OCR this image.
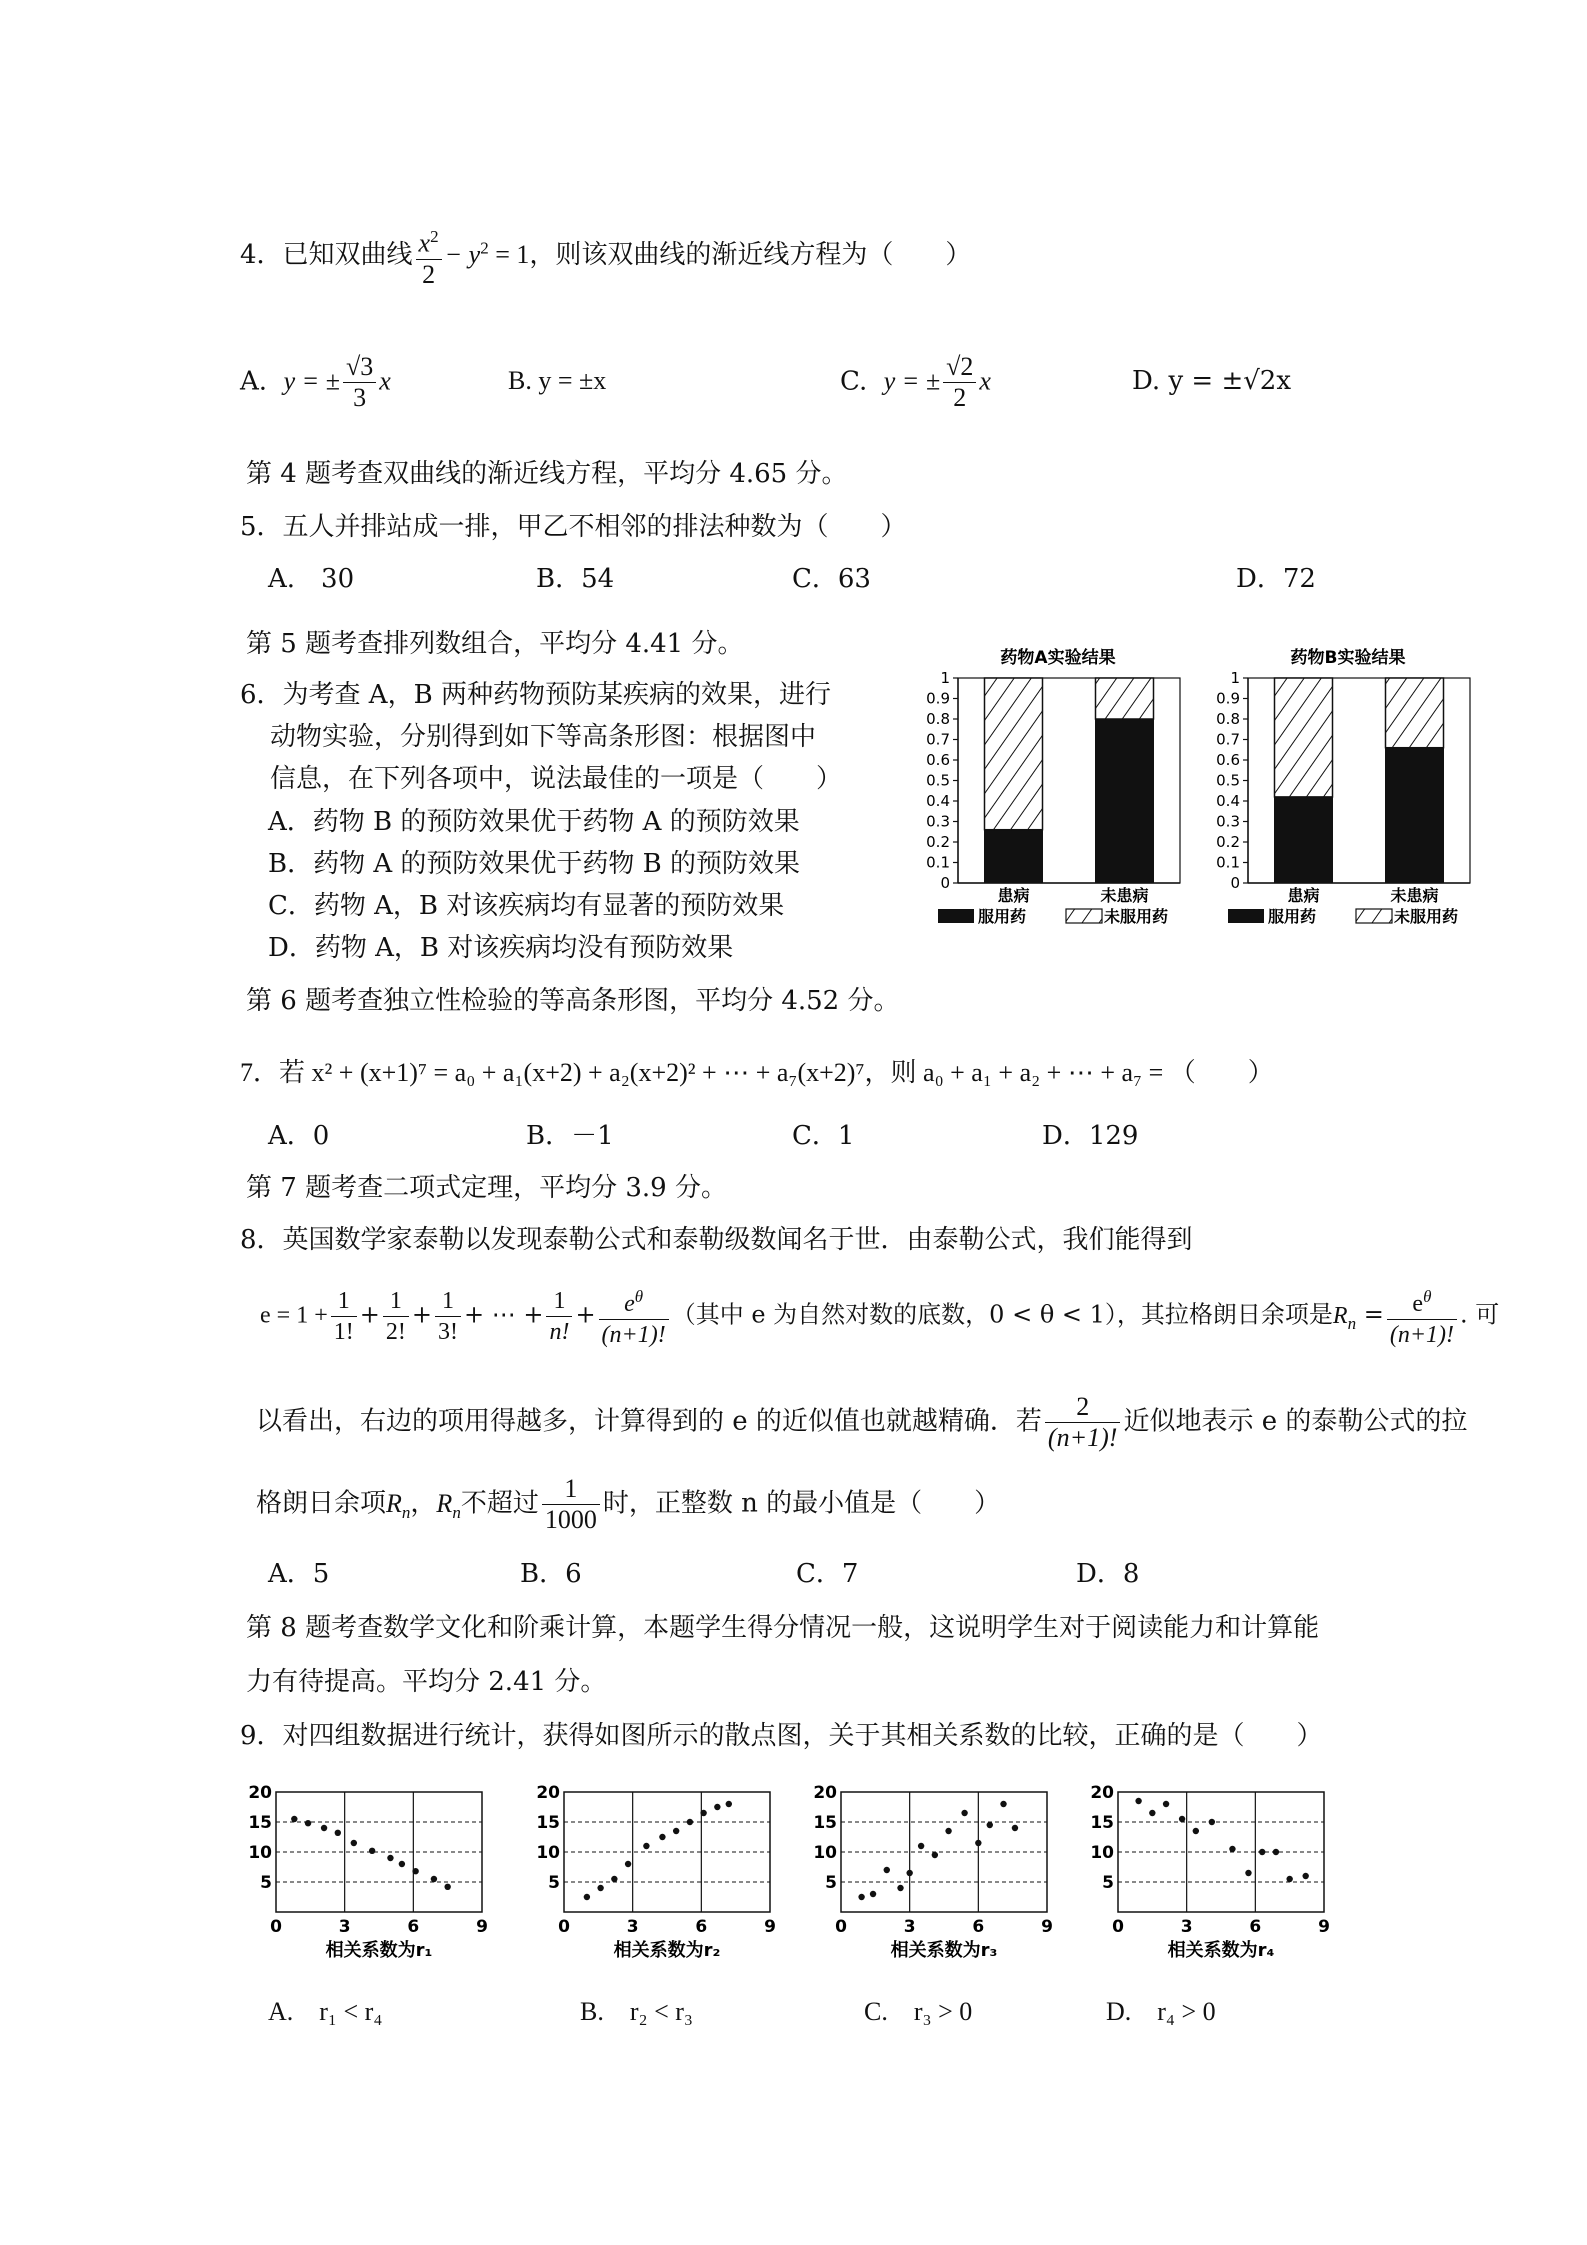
4．已知双曲线 $\frac{x^2}{2} - y^2 = 1$，则该双曲线的渐近线方程为（　　）
A. y = ± $\frac{√3}{3}$ x	B. y = ±x	C. y = ± $\frac{√2}{2}$ x	D. y = ±√2x
第 4 题考查双曲线的渐近线方程，平均分 4.65 分。
5．五人并排站成一排，甲乙不相邻的排法种数为（　　）
A.　30	B．54	C．63	D．72
第 5 题考查排列数组合，平均分 4.41 分。
6．为考查 A，B 两种药物预防某疾病的效果，进行
动物实验，分别得到如下等高条形图：根据图中
信息，在下列各项中，说法最佳的一项是（　　）
A．药物 B 的预防效果优于药物 A 的预防效果
B．药物 A 的预防效果优于药物 B 的预防效果
C．药物 A，B 对该疾病均有显著的预防效果
D．药物 A，B 对该疾病均没有预防效果
药物A实验结果
0
0.1
0.2
0.3
0.4
0.5
0.6
0.7
0.8
0.9
1
患病	未患病
服用药	未服用药
药物B实验结果
0
0.1
0.2
0.3
0.4
0.5
0.6
0.7
0.8
0.9
1
患病	未患病
服用药	未服用药
第 6 题考查独立性检验的等高条形图，平均分 4.52 分。
7．若 x² + (x+1)⁷ = a₀ + a₁(x+2) + a₂(x+2)² + ⋯ + a₇(x+2)⁷，则 a₀ + a₁ + a₂ + ⋯ + a₇ = （　　）
A．0	B．－1	C．1	D．129
第 7 题考查二项式定理，平均分 3.9 分。
8．英国数学家泰勒以发现泰勒公式和泰勒级数闻名于世．由泰勒公式，我们能得到
$e = 1 + \frac{1}{1!} + \frac{1}{2!} + \frac{1}{3!}$ + ⋯ + $\frac{1}{n!} + \frac{e^\theta}{(n+1)!}$ （其中 e 为自然对数的底数，0 < θ < 1），其拉格朗日余项是$R_n = \frac{e^\theta}{(n+1)!}$ . 可
以看出，右边的项用得越多，计算得到的 e 的近似值也就越精确．若 $\frac{2}{(n+1)!}$ 近似地表示 e 的泰勒公式的拉
格朗日余项$R_n$，$R_n$不超过 $\frac{1}{1000}$ 时，正整数 n 的最小值是（　　）
A．5	B．6	C．7	D．8
第 8 题考查数学文化和阶乘计算，本题学生得分情况一般，这说明学生对于阅读能力和计算能
力有待提高。平均分 2.41 分。
9．对四组数据进行统计，获得如图所示的散点图，关于其相关系数的比较，正确的是（　　）
5
10
15
20
0	3	6	9
相关系数为r₁
5
10
15
20
0	3	6	9
相关系数为r₂
5
10
15
20
0	3	6	9
相关系数为r₃
5
10
15
20
0	3	6	9
相关系数为r₄
A.　r₁ < r₄	B.　r₂ < r₃	C.　r₃ > 0	D.　r₄ > 0
